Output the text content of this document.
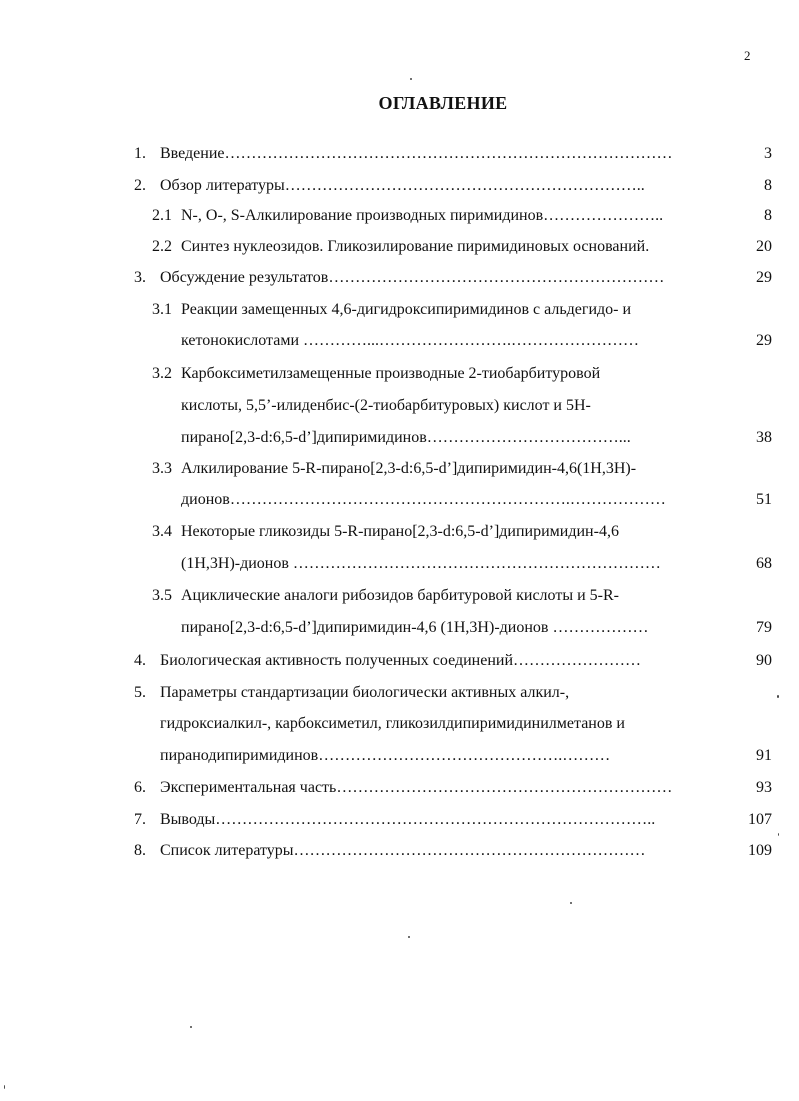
2
ОГЛАВЛЕНИЕ
1. Введение…………………………………………………………………………	3
2. Обзор литературы…………………………………………………………..	8
2.1 N-, O-, S-Алкилирование производных пиримидинов…………………..	8
2.2 Синтез нуклеозидов. Гликозилирование пиримидиновых оснований.	20
3. Обсуждение результатов………………………………………………………	29
3.1 Реакции замещенных 4,6-дигидроксипиримидинов с альдегидо- и
кетонокислотами …………...…………………….……………………	29
3.2 Карбоксиметилзамещенные производные 2-тиобарбитуровой
кислоты, 5,5’-илиденбис-(2-тиобарбитуровых) кислот и 5H-
пирано[2,3-d:6,5-d’]дипиримидинов………………………………...	38
3.3 Алкилирование 5-R-пирано[2,3-d:6,5-d’]дипиримидин-4,6(1H,3H)-
дионов……………………………………………………….………………	51
3.4 Некоторые гликозиды 5-R-пирано[2,3-d:6,5-d’]дипиримидин-4,6
(1H,3H)-дионов ……………………………………………………………	68
3.5 Ациклические аналоги рибозидов барбитуровой кислоты и 5-R-
пирано[2,3-d:6,5-d’]дипиримидин-4,6 (1H,3H)-дионов ………………	79
4. Биологическая активность полученных соединений……………………	90
5. Параметры стандартизации биологически активных алкил-,
гидроксиалкил-, карбоксиметил, гликозилдипиримидинилметанов и
пиранодипиримидинов……………………………………….………	91
6. Экспериментальная часть………………………………………………………	93
7. Выводы………………………………………………………………………..	107
8. Список литературы…………………………………………………………	109
